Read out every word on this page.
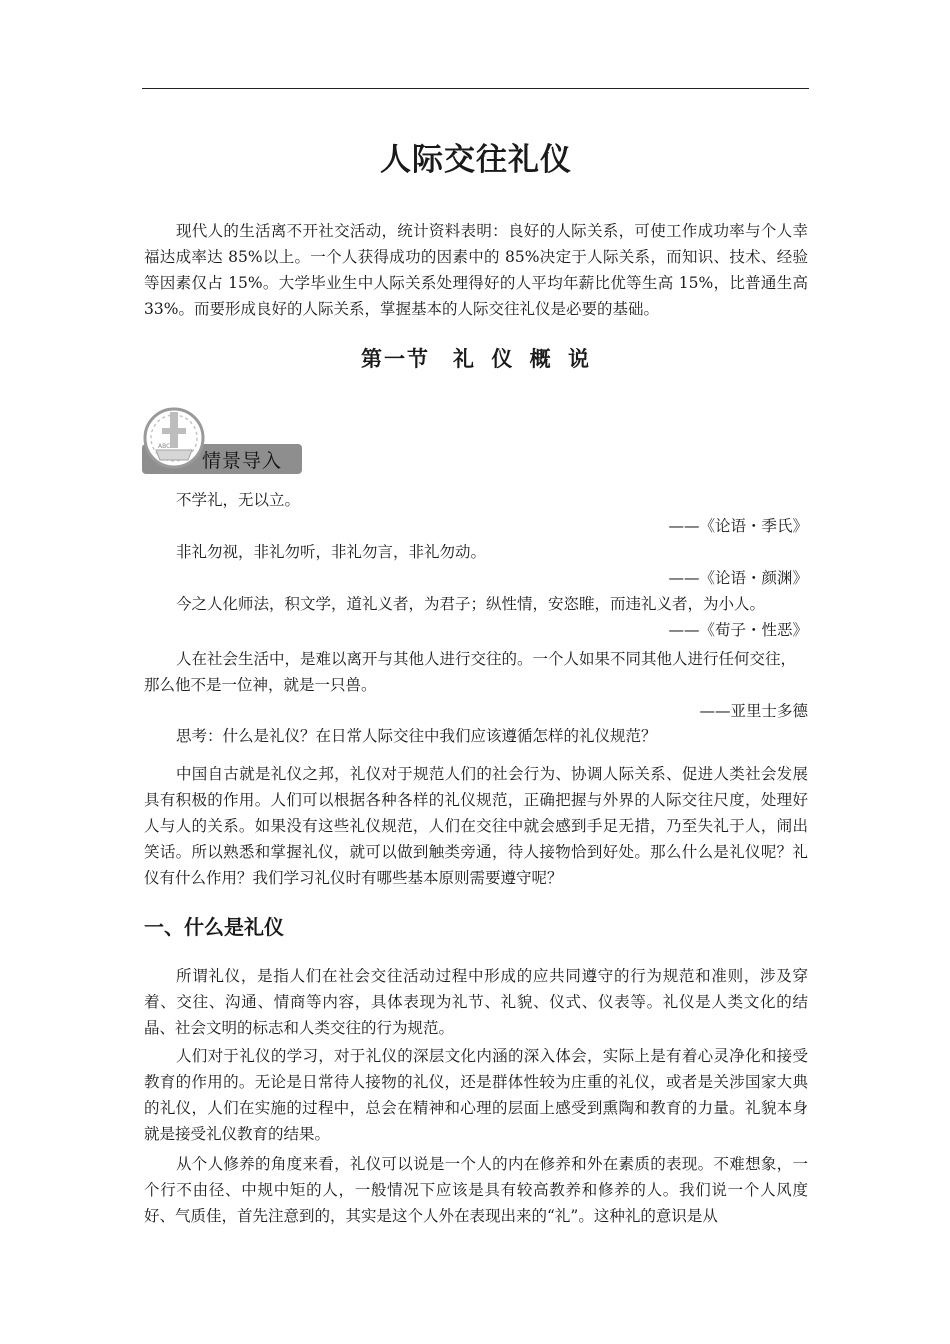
人际交往礼仪

现代人的生活离不开社交活动，统计资料表明：良好的人际关系，可使工作成功率与个人幸福达成率达 85%以上。一个人获得成功的因素中的 85%决定于人际关系，而知识、技术、经验等因素仅占 15%。大学毕业生中人际关系处理得好的人平均年薪比优等生高 15%，比普通生高 33%。而要形成良好的人际关系，掌握基本的人际交往礼仪是必要的基础。

第一节　礼 仪 概 说
ABC
情景导入

不学礼，无以立。

——《论语・季氏》

非礼勿视，非礼勿听，非礼勿言，非礼勿动。

——《论语・颜渊》

今之人化师法，积文学，道礼义者，为君子；纵性情，安恣睢，而违礼义者，为小人。

——《荀子・性恶》

人在社会生活中，是难以离开与其他人进行交往的。一个人如果不同其他人进行任何交往，那么他不是一位神，就是一只兽。

——亚里士多德

思考：什么是礼仪？在日常人际交往中我们应该遵循怎样的礼仪规范？

中国自古就是礼仪之邦，礼仪对于规范人们的社会行为、协调人际关系、促进人类社会发展具有积极的作用。人们可以根据各种各样的礼仪规范，正确把握与外界的人际交往尺度，处理好人与人的关系。如果没有这些礼仪规范，人们在交往中就会感到手足无措，乃至失礼于人，闹出笑话。所以熟悉和掌握礼仪，就可以做到触类旁通，待人接物恰到好处。那么什么是礼仪呢？礼仪有什么作用？我们学习礼仪时有哪些基本原则需要遵守呢？

一、什么是礼仪

所谓礼仪，是指人们在社会交往活动过程中形成的应共同遵守的行为规范和准则，涉及穿着、交往、沟通、情商等内容，具体表现为礼节、礼貌、仪式、仪表等。礼仪是人类文化的结晶、社会文明的标志和人类交往的行为规范。

人们对于礼仪的学习，对于礼仪的深层文化内涵的深入体会，实际上是有着心灵净化和接受教育的作用的。无论是日常待人接物的礼仪，还是群体性较为庄重的礼仪，或者是关涉国家大典的礼仪，人们在实施的过程中，总会在精神和心理的层面上感受到熏陶和教育的力量。礼貌本身就是接受礼仪教育的结果。

从个人修养的角度来看，礼仪可以说是一个人的内在修养和外在素质的表现。不难想象，一个行不由径、中规中矩的人，一般情况下应该是具有较高教养和修养的人。我们说一个人风度好、气质佳，首先注意到的，其实是这个人外在表现出来的“礼”。这种礼的意识是从
